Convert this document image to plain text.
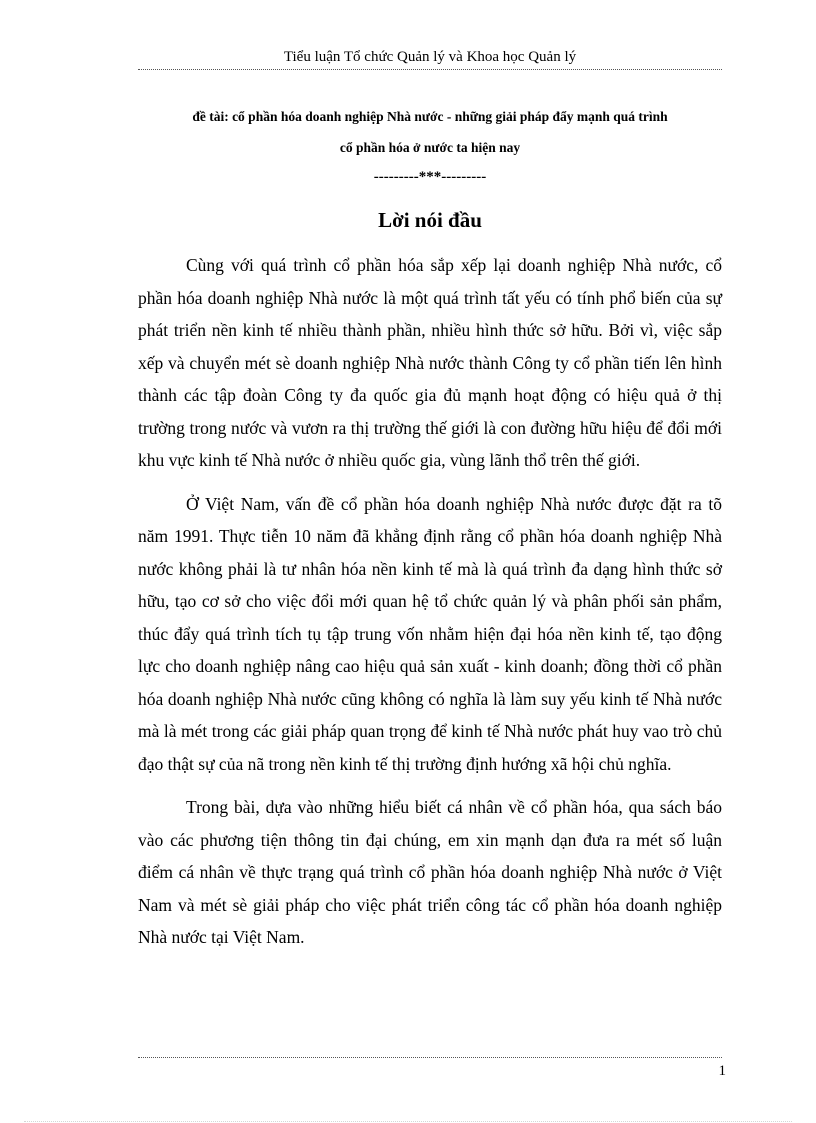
Tiểu luận Tổ chức Quản lý và Khoa học Quản lý
đề tài: cổ phần hóa doanh nghiệp Nhà nước - những giải pháp đẩy mạnh quá trình
cổ phần hóa ở nước ta hiện nay
---------***---------
Lời nói đầu

Cùng với quá trình cổ phần hóa sắp xếp lại doanh nghiệp Nhà nước, cổ phần hóa doanh nghiệp Nhà nước là một quá trình tất yếu có tính phổ biến của sự phát triển nền kinh tế nhiều thành phần, nhiều hình thức sở hữu. Bởi vì, việc sắp xếp và chuyển mét sè doanh nghiệp Nhà nước thành Công ty cổ phần tiến lên hình thành các tập đoàn Công ty đa quốc gia đủ mạnh hoạt động có hiệu quả ở thị trường trong nước và vươn ra thị trường thế giới là con đường hữu hiệu để đổi mới khu vực kinh tế Nhà nước ở nhiều quốc gia, vùng lãnh thổ trên thế giới.

Ở Việt Nam, vấn đề cổ phần hóa doanh nghiệp Nhà nước được đặt ra tõ năm 1991. Thực tiễn 10 năm đã khẳng định rằng cổ phần hóa doanh nghiệp Nhà nước không phải là tư nhân hóa nền kinh tế mà là quá trình đa dạng hình thức sở hữu, tạo cơ sở cho việc đổi mới quan hệ tổ chức quản lý và phân phối sản phẩm, thúc đẩy quá trình tích tụ tập trung vốn nhằm hiện đại hóa nền kinh tế, tạo động lực cho doanh nghiệp nâng cao hiệu quả sản xuất - kinh doanh; đồng thời cổ phần hóa doanh nghiệp Nhà nước cũng không có nghĩa là làm suy yếu kinh tế Nhà nước mà là mét trong các giải pháp quan trọng để kinh tế Nhà nước phát huy vao trò chủ đạo thật sự của nã trong nền kinh tế thị trường định hướng xã hội chủ nghĩa.

Trong bài, dựa vào những hiểu biết cá nhân về cổ phần hóa, qua sách báo vào các phương tiện thông tin đại chúng, em xin mạnh dạn đưa ra mét số luận điểm cá nhân về thực trạng quá trình cổ phần hóa doanh nghiệp Nhà nước ở Việt Nam và mét sè giải pháp cho việc phát triển công tác cổ phần hóa doanh nghiệp Nhà nước tại Việt Nam.

1
